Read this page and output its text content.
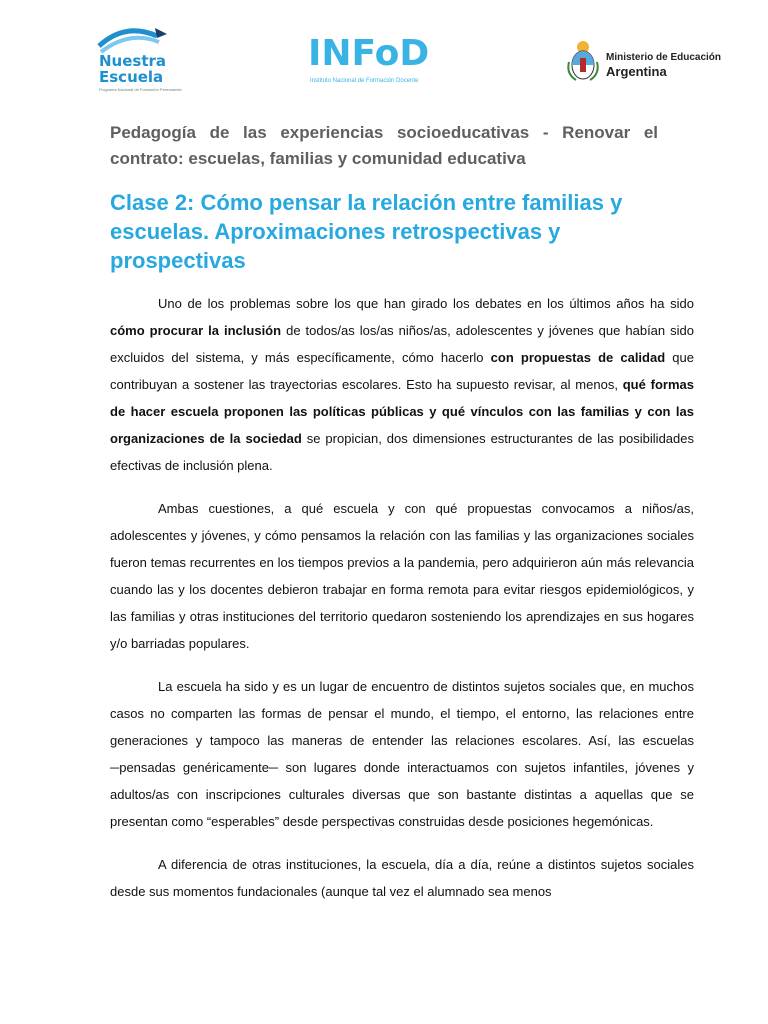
Nuestra
Escuela
Programa Nacional de Formación Permanente
INFoD
Instituto Nacional de Formación Docente
Ministerio de Educación
Argentina
Pedagogía de las experiencias socioeducativas - Renovar el contrato: escuelas, familias y comunidad educativa
Clase 2: Cómo pensar la relación entre familias y escuelas. Aproximaciones retrospectivas y prospectivas

Uno de los problemas sobre los que han girado los debates en los últimos años ha sido cómo procurar la inclusión de todos/as los/as niños/as, adolescentes y jóvenes que habían sido excluidos del sistema, y más específicamente, cómo hacerlo con propuestas de calidad que contribuyan a sostener las trayectorias escolares. Esto ha supuesto revisar, al menos, qué formas de hacer escuela proponen las políticas públicas y qué vínculos con las familias y con las organizaciones de la sociedad se propician, dos dimensiones estructurantes de las posibilidades efectivas de inclusión plena.

Ambas cuestiones, a qué escuela y con qué propuestas convocamos a niños/as, adolescentes y jóvenes, y cómo pensamos la relación con las familias y las organizaciones sociales fueron temas recurrentes en los tiempos previos a la pandemia, pero adquirieron aún más relevancia cuando las y los docentes debieron trabajar en forma remota para evitar riesgos epidemiológicos, y las familias y otras instituciones del territorio quedaron sosteniendo los aprendizajes en sus hogares y/o barriadas populares.

La escuela ha sido y es un lugar de encuentro de distintos sujetos sociales que, en muchos casos no comparten las formas de pensar el mundo, el tiempo, el entorno, las relaciones entre generaciones y tampoco las maneras de entender las relaciones escolares. Así, las escuelas ─pensadas genéricamente─ son lugares donde interactuamos con sujetos infantiles, jóvenes y adultos/as con inscripciones culturales diversas que son bastante distintas a aquellas que se presentan como “esperables” desde perspectivas construidas desde posiciones hegemónicas.

A diferencia de otras instituciones, la escuela, día a día, reúne a distintos sujetos sociales desde sus momentos fundacionales (aunque tal vez el alumnado sea menos
